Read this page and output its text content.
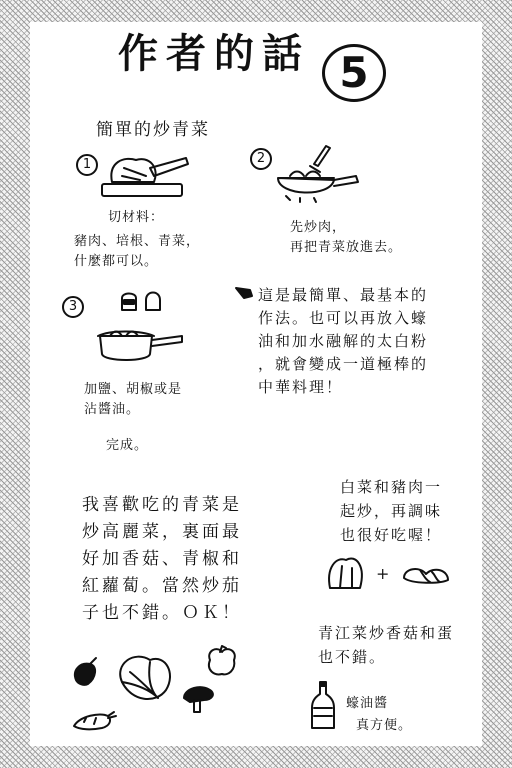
作者的話 5
簡單的炒青菜
1	2
3
切材料：
豬肉、培根、青菜，
什麼都可以。
先炒肉，
再把青菜放進去。
加鹽、胡椒或是
沾醬油。
完成。
這是最簡單、最基本的
作法。也可以再放入蠔
油和加水融解的太白粉
，就會變成一道極棒的
中華料理！
我喜歡吃的青菜是
炒高麗菜，裏面最
好加香菇、青椒和
紅蘿蔔。當然炒茄
子也不錯。ＯＫ！
白菜和豬肉一
起炒，再調味
也很好吃喔！
+
青江菜炒香菇和蛋
也不錯。
蠔油醬
真方便。
